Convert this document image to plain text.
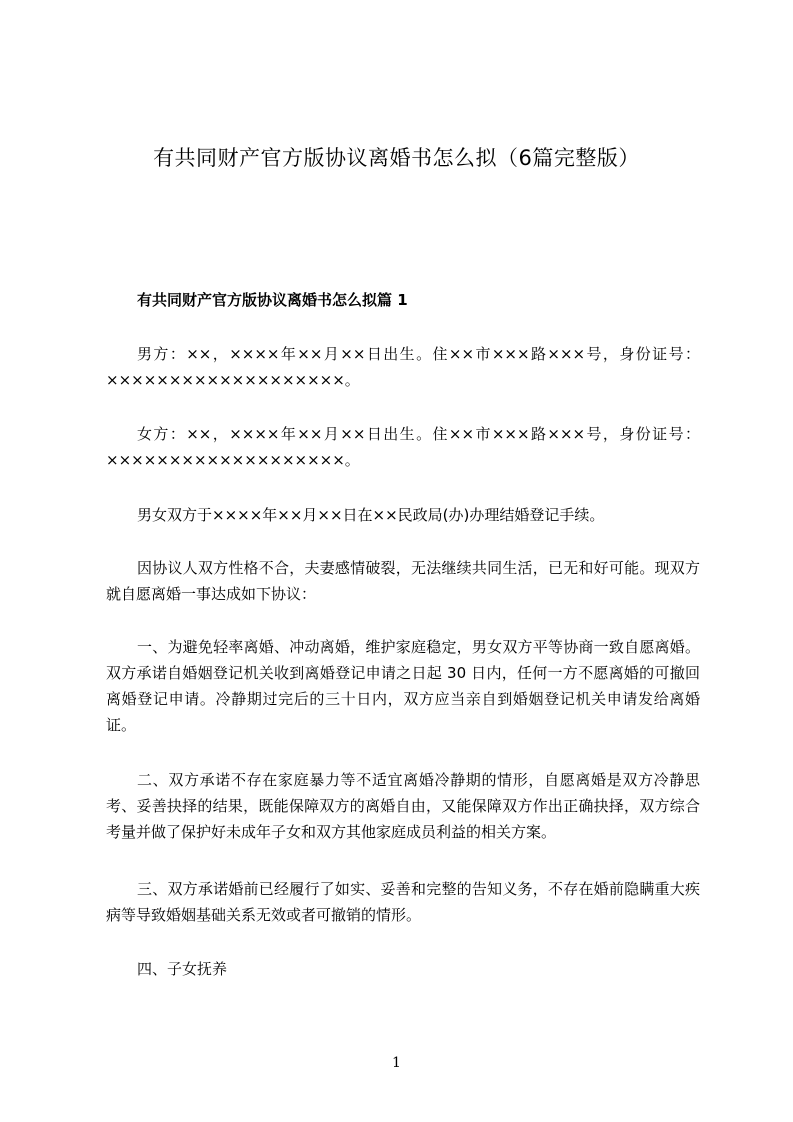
有共同财产官方版协议离婚书怎么拟（6篇完整版）
有共同财产官方版协议离婚书怎么拟篇 1

男方：××，××××年××月××日出生。住××市×××路×××号，身份证号：×××××××××××××××××××。

女方：××，××××年××月××日出生。住××市×××路×××号，身份证号：×××××××××××××××××××。

男女双方于××××年××月××日在××民政局(办)办理结婚登记手续。

因协议人双方性格不合，夫妻感情破裂，无法继续共同生活，已无和好可能。现双方就自愿离婚一事达成如下协议：

一、为避免轻率离婚、冲动离婚，维护家庭稳定，男女双方平等协商一致自愿离婚。双方承诺自婚姻登记机关收到离婚登记申请之日起 30 日内，任何一方不愿离婚的可撤回离婚登记申请。冷静期过完后的三十日内，双方应当亲自到婚姻登记机关申请发给离婚证。

二、双方承诺不存在家庭暴力等不适宜离婚冷静期的情形，自愿离婚是双方冷静思考、妥善抉择的结果，既能保障双方的离婚自由，又能保障双方作出正确抉择，双方综合考量并做了保护好未成年子女和双方其他家庭成员利益的相关方案。

三、双方承诺婚前已经履行了如实、妥善和完整的告知义务，不存在婚前隐瞒重大疾病等导致婚姻基础关系无效或者可撤销的情形。

四、子女抚养

1
